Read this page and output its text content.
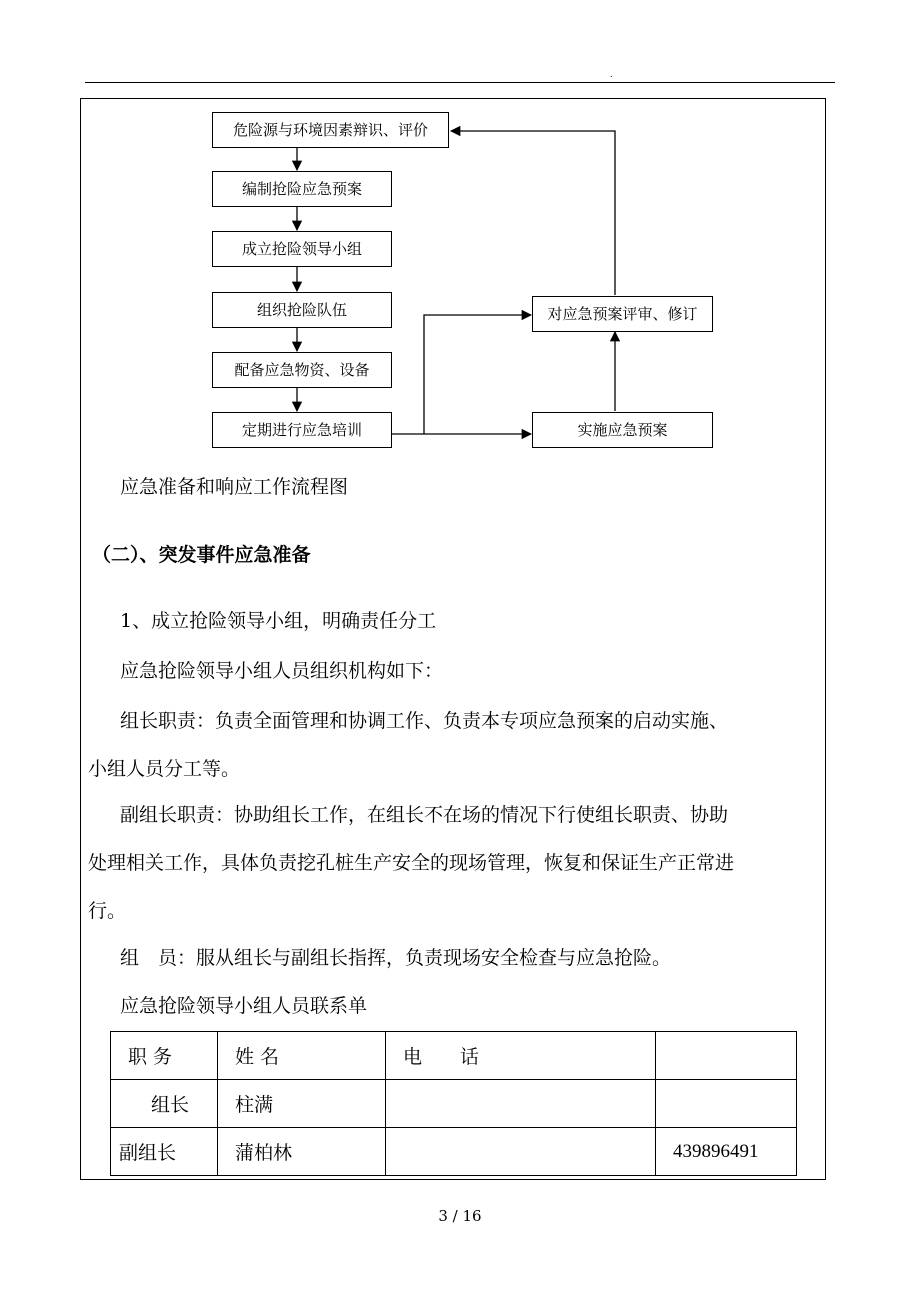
.
危险源与环境因素辩识、评价
编制抢险应急预案
成立抢险领导小组
组织抢险队伍
配备应急物资、设备
定期进行应急培训
对应急预案评审、修订
实施应急预案
应急准备和响应工作流程图
（二）、突发事件应急准备
1、成立抢险领导小组，明确责任分工
应急抢险领导小组人员组织机构如下：
组长职责：负责全面管理和协调工作、负责本专项应急预案的启动实施、
小组人员分工等。
副组长职责：协助组长工作，在组长不在场的情况下行使组长职责、协助
处理相关工作，具体负责挖孔桩生产安全的现场管理，恢复和保证生产正常进
行。
组　员：服从组长与副组长指挥，负责现场安全检查与应急抢险。
应急抢险领导小组人员联系单
职 务	姓 名	电　　话	
组长	柱满		
副组长	蒲柏林		439896491
3 / 16
